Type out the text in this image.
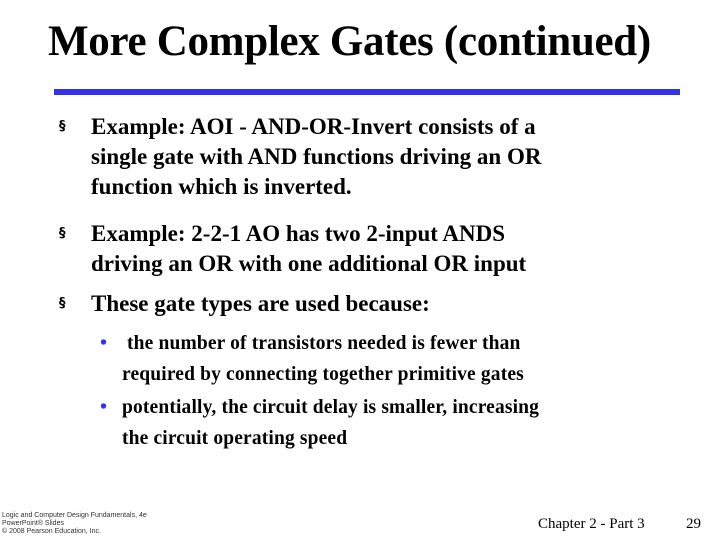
More Complex Gates (continued)
§	Example: AOI - AND-OR-Invert consists of a
single gate with AND functions driving an OR
function which is inverted.
§	Example: 2-2-1 AO has two 2-input ANDS
driving an OR with one additional OR input
§	These gate types are used because:
• the number of transistors needed is fewer than
required by connecting together primitive gates
• potentially, the circuit delay is smaller, increasing
the circuit operating speed
Logic and Computer Design Fundamentals, 4e
PowerPoint® Slides
© 2008 Pearson Education, Inc.	Chapter 2 - Part 3	29
